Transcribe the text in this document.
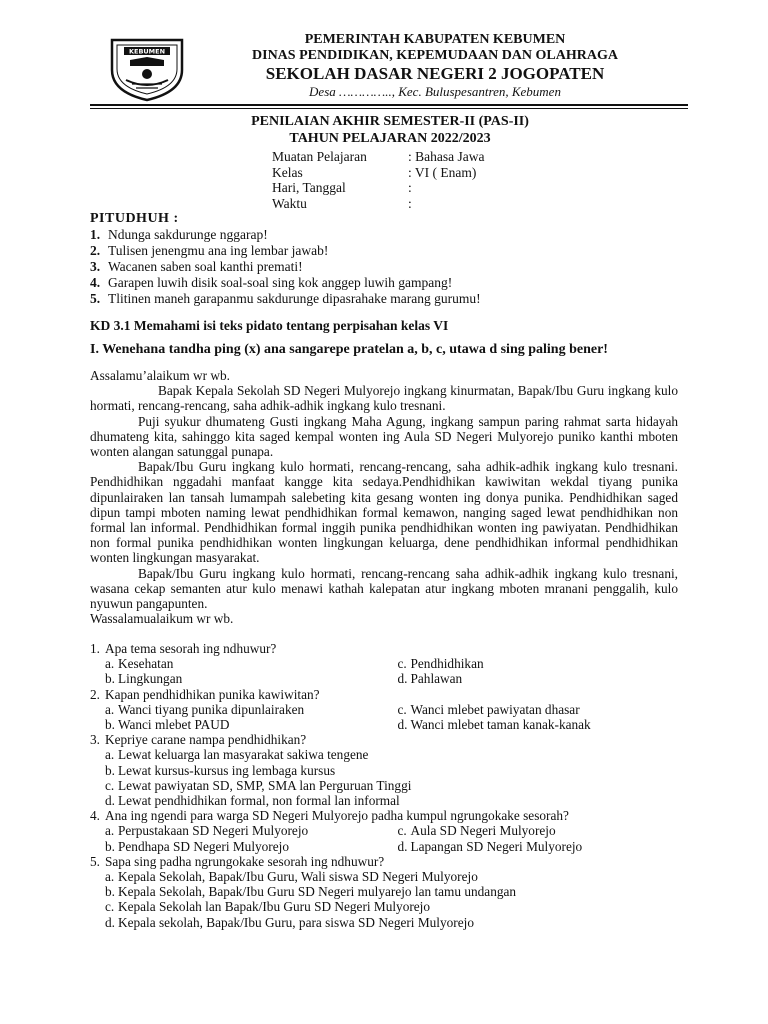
KEBUMEN
PEMERINTAH KABUPATEN KEBUMEN
DINAS PENDIDIKAN, KEPEMUDAAN DAN OLAHRAGA
SEKOLAH DASAR NEGERI 2 JOGOPATEN
Desa ………….., Kec. Buluspesantren, Kebumen
PENILAIAN AKHIR SEMESTER-II (PAS-II)
TAHUN PELAJARAN 2022/2023
Muatan Pelajaran	: Bahasa Jawa
Kelas	: VI ( Enam)
Hari, Tanggal	:
Waktu	:
PITUDHUH :
1. Ndunga sakdurunge nggarap!
2. Tulisen jenengmu ana ing lembar jawab!
3. Wacanen saben soal kanthi premati!
4. Garapen luwih disik soal-soal sing kok anggep luwih gampang!
5. Tlitinen maneh garapanmu sakdurunge dipasrahake marang gurumu!
KD 3.1 Memahami isi teks pidato tentang perpisahan kelas VI
I. Wenehana tandha ping (x) ana sangarepe pratelan a, b, c, utawa d sing paling bener!

Assalamu’alaikum wr wb.

Bapak Kepala Sekolah SD Negeri Mulyorejo ingkang kinurmatan, Bapak/Ibu Guru ingkang kulo hormati, rencang-rencang, saha adhik-adhik ingkang kulo tresnani.

Puji syukur dhumateng Gusti ingkang Maha Agung, ingkang sampun paring rahmat sarta hidayah dhumateng kita, sahinggo kita saged kempal wonten ing Aula SD Negeri Mulyorejo puniko kanthi mboten wonten alangan satunggal punapa.

Bapak/Ibu Guru ingkang kulo hormati, rencang-rencang, saha adhik-adhik ingkang kulo tresnani. Pendhidhikan nggadahi manfaat kangge kita sedaya.Pendhidhikan kawiwitan wekdal tiyang punika dipunlairaken lan tansah lumampah salebeting kita gesang wonten ing donya punika. Pendhidhikan saged dipun tampi mboten naming lewat pendhidhikan formal kemawon, nanging saged lewat pendhidhikan non formal lan informal. Pendhidhikan formal inggih punika pendhidhikan wonten ing pawiyatan. Pendhidhikan non formal punika pendhidhikan wonten lingkungan keluarga, dene pendhidhikan informal pendhidhikan wonten lingkungan masyarakat.

Bapak/Ibu Guru ingkang kulo hormati, rencang-rencang saha adhik-adhik ingkang kulo tresnani, wasana cekap semanten atur kulo menawi kathah kalepatan atur ingkang mboten mranani penggalih, kulo nyuwun pangapunten.

Wassalamualaikum wr wb.

1. Apa tema sesorah ing ndhuwur?
a. Kesehatan	c. Pendhidhikan
b. Lingkungan	d. Pahlawan
2. Kapan pendhidhikan punika kawiwitan?
a. Wanci tiyang punika dipunlairaken	c. Wanci mlebet pawiyatan dhasar
b. Wanci mlebet PAUD	d. Wanci mlebet taman kanak-kanak
3. Kepriye carane nampa pendhidhikan?
a. Lewat keluarga lan masyarakat sakiwa tengene
b. Lewat kursus-kursus ing lembaga kursus
c. Lewat pawiyatan SD, SMP, SMA lan Perguruan Tinggi
d. Lewat pendhidhikan formal, non formal lan informal
4. Ana ing ngendi para warga SD Negeri Mulyorejo padha kumpul ngrungokake sesorah?
a. Perpustakaan SD Negeri Mulyorejo	c. Aula SD Negeri Mulyorejo
b. Pendhapa SD Negeri Mulyorejo	d. Lapangan SD Negeri Mulyorejo
5. Sapa sing padha ngrungokake sesorah ing ndhuwur?
a. Kepala Sekolah, Bapak/Ibu Guru, Wali siswa SD Negeri Mulyorejo
b. Kepala Sekolah, Bapak/Ibu Guru SD Negeri mulyarejo lan tamu undangan
c. Kepala Sekolah lan Bapak/Ibu Guru SD Negeri Mulyorejo
d. Kepala sekolah, Bapak/Ibu Guru, para siswa SD Negeri Mulyorejo
